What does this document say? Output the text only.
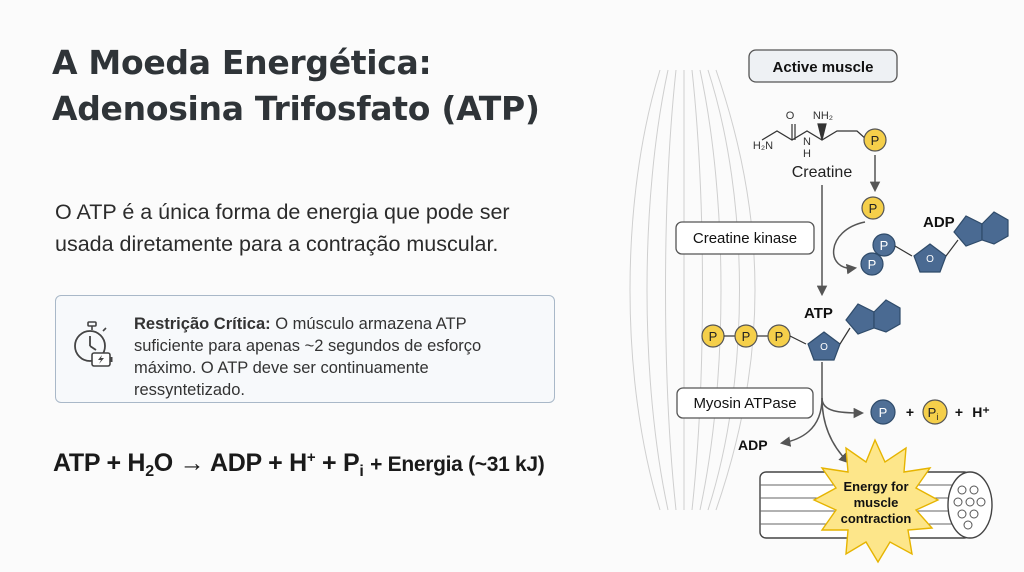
A Moeda Energética:
Adenosina Trifosfato (ATP)
O ATP é a única forma de energia que pode ser
usada diretamente para a contração muscular.
Restrição Crítica: O músculo armazena ATP
suficiente para apenas ~2 segundos de esforço
máximo. O ATP deve ser continuamente
ressyntetizado.
ATP + $H_2O$ → ADP + $H^+ + P_i$ + Energia (~31 kJ)
Active muscle
O NH₂
H₂N	N
H
P
Creatine
P
ADP
P
P	O
Creatine kinase
ATP
P P P
O
Myosin ATPase
$P + P_i + H^+$
ADP
Energy for
muscle
contraction
